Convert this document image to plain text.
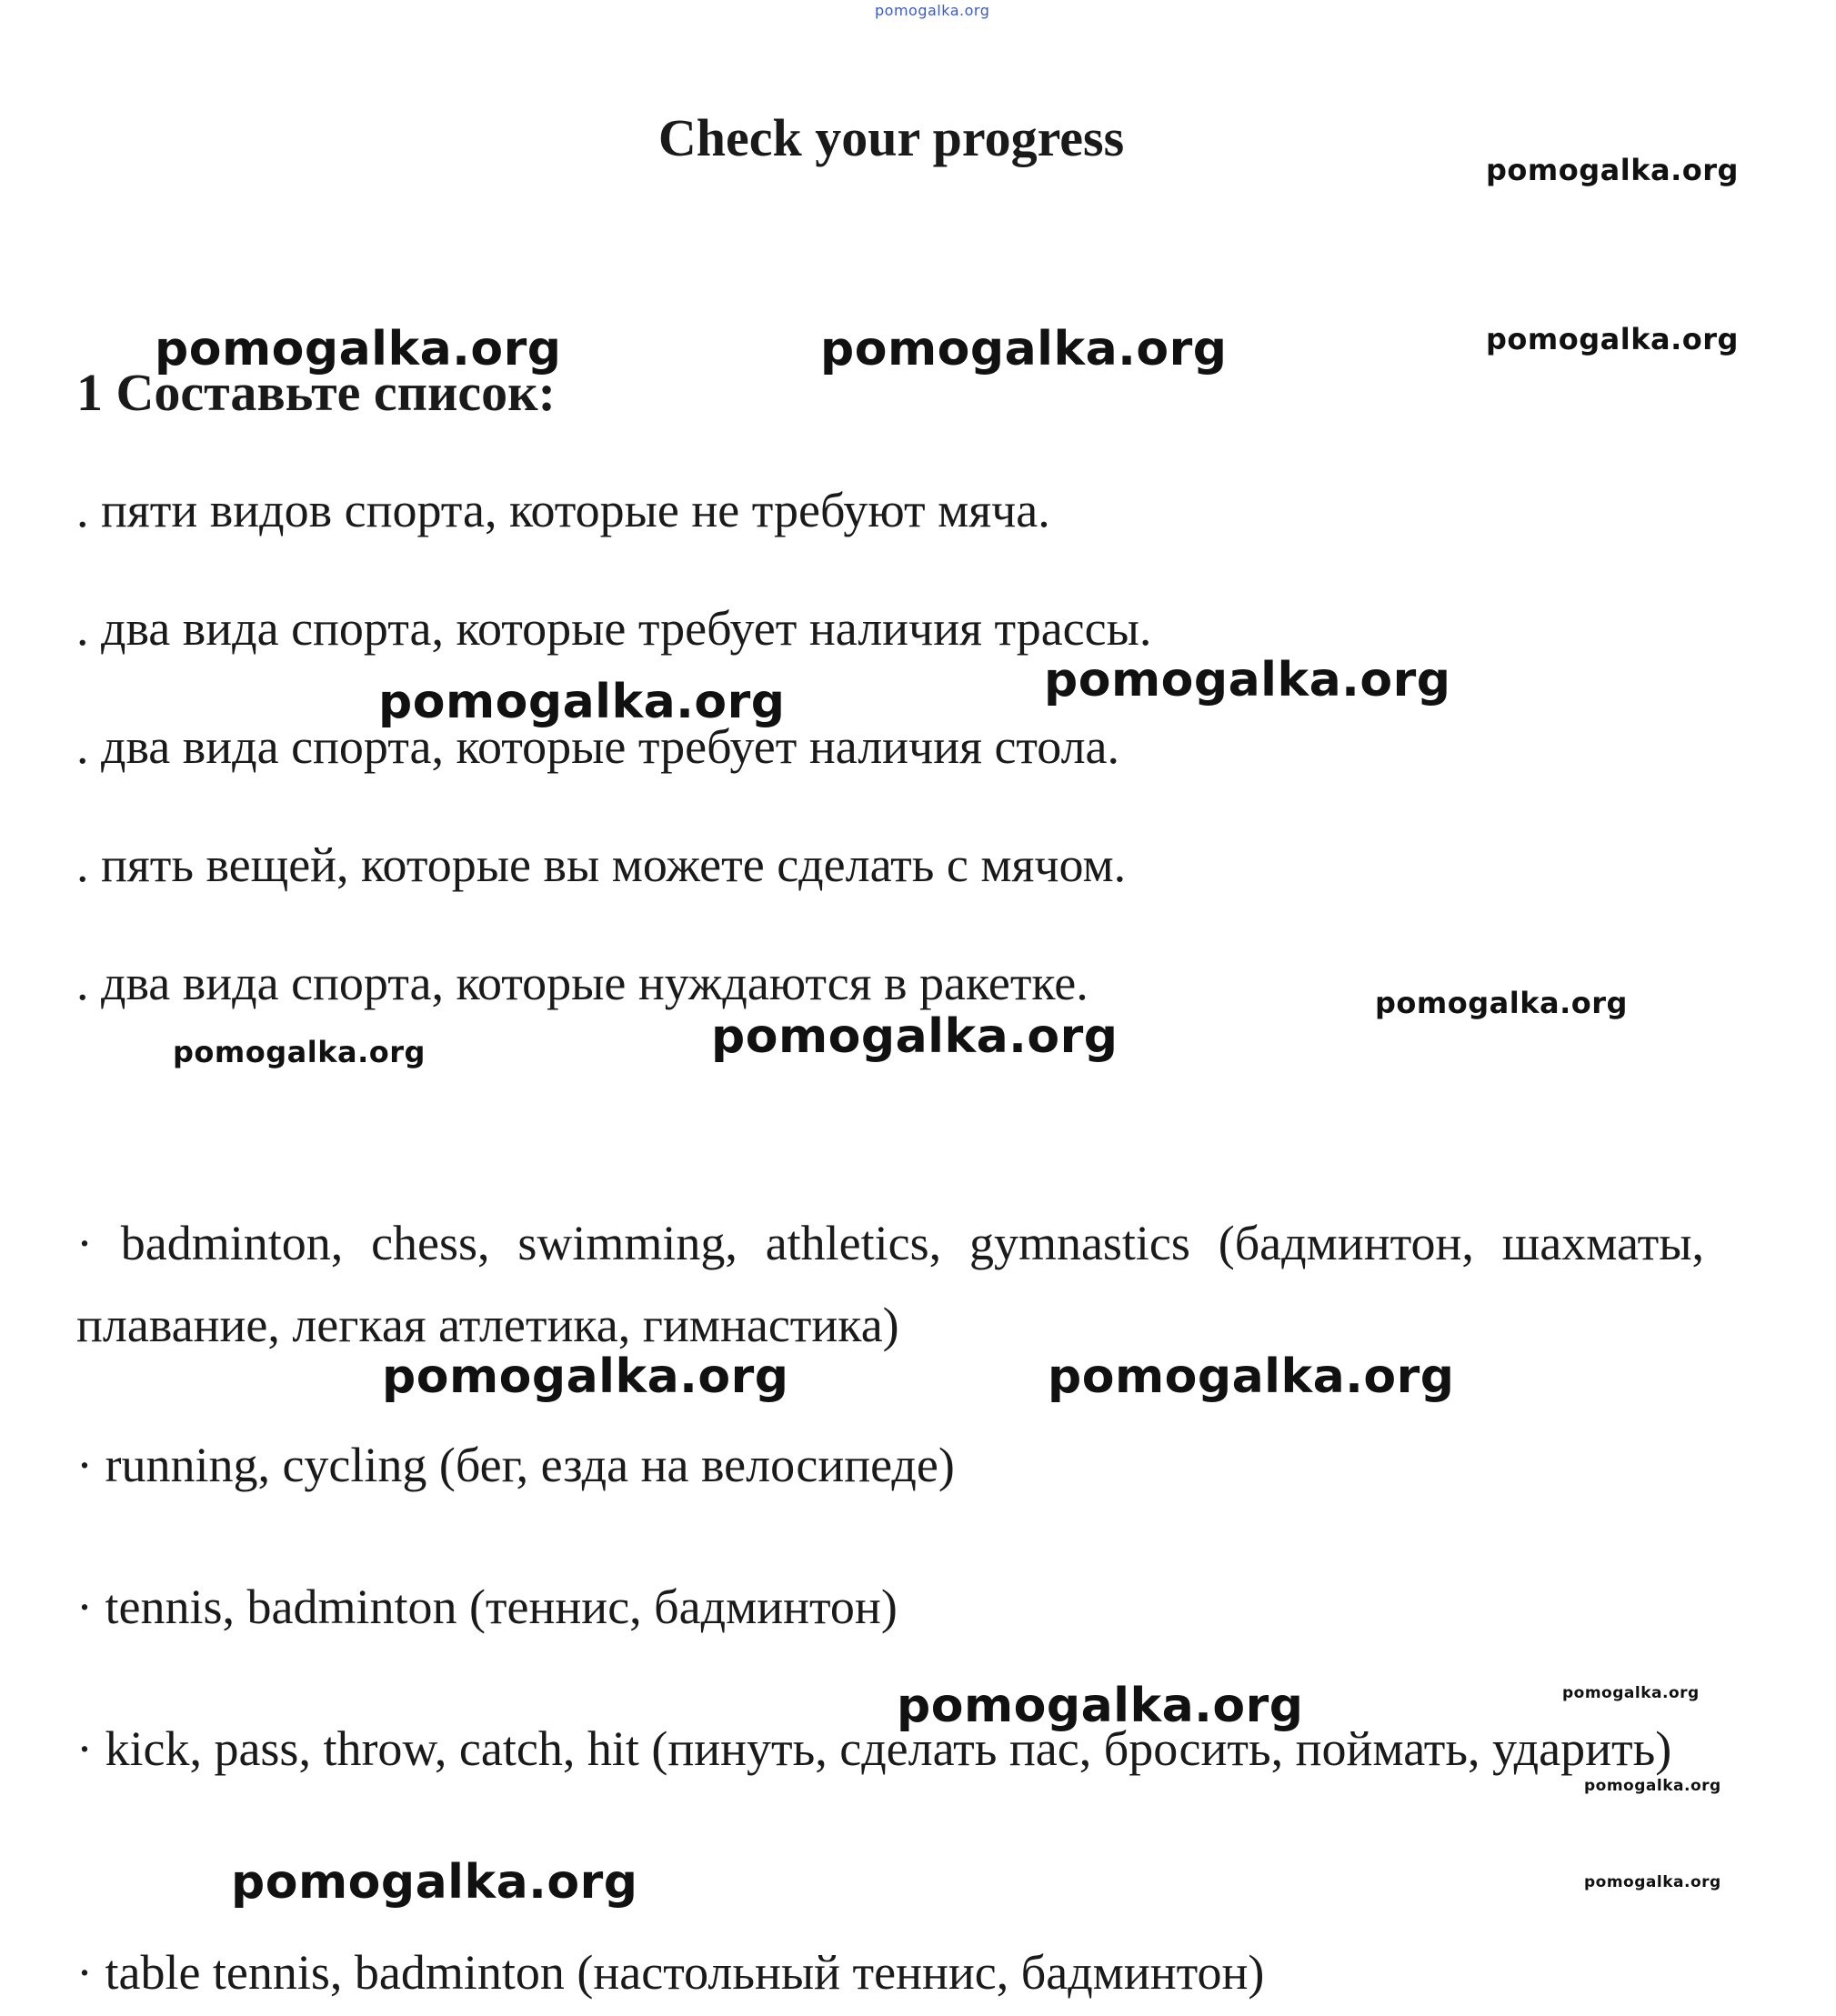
pomogalka.org
pomogalka.org
pomogalka.org
pomogalka.org	pomogalka.org
pomogalka.org
pomogalka.org
pomogalka.org
pomogalka.org
pomogalka.org
pomogalka.org	pomogalka.org
pomogalka.org	pomogalka.org
pomogalka.org
pomogalka.org	pomogalka.org
Check your progress
1 Составьте список:
. пяти видов спорта, которые не требуют мяча.
. два вида спорта, которые требует наличия трассы.
. два вида спорта, которые требует наличия стола.
. пять вещей, которые вы можете сделать с мячом.
. два вида спорта, которые нуждаются в ракетке.
· badminton, chess, swimming, athletics, gymnastics (бадминтон, шахматы, плавание, легкая атлетика, гимнастика)
· running, cycling (бег, езда на велосипеде)
· tennis, badminton (теннис, бадминтон)
· kick, pass, throw, catch, hit (пинуть, сделать пас, бросить, поймать, ударить)
· table tennis, badminton (настольный теннис, бадминтон)
